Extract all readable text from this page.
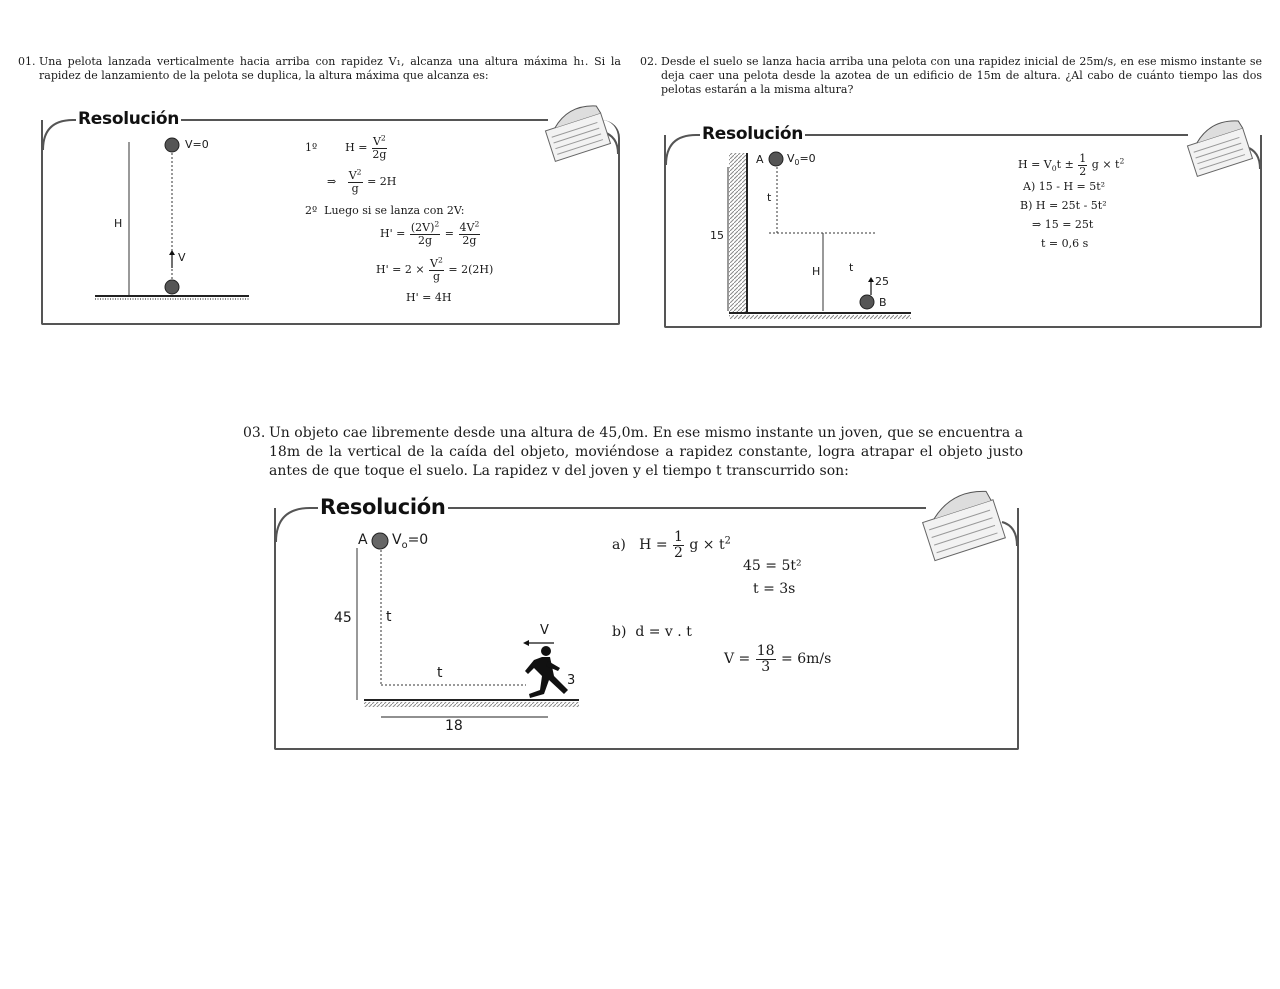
01. Una pelota lanzada verticalmente hacia arriba con rapidez V₁, alcanza una altura máxima h₁. Si la rapidez de lanzamiento de la pelota se duplica, la altura máxima que alcanza es:
V=0
H
V
1º	$H = \frac{V^2}{2g}$
⇒ $\frac{V^2}{g} = 2H$
2º Luego si se lanza con 2V:
$H' = \frac{(2V)^2}{2g} = \frac{4V^2}{2g}$
$H' = 2 \times \frac{V^2}{g} = 2(2H)$
H' = 4H
Resolución
02. Desde el suelo se lanza hacia arriba una pelota con una rapidez inicial de 25m/s, en ese mismo instante se deja caer una pelota desde la azotea de un edificio de 15m de altura. ¿Al cabo de cuánto tiempo las dos pelotas estarán a la misma altura?
A $V_0=0$
t
15
H	t
25
B
$H = V_0t \pm \frac{1}{2}$ $g \times t^2$
A) 15 - H = 5t²
B) H = 25t - 5t²
⇒ 15 = 25t
t = 0,6 s
Resolución
03. Un objeto cae libremente desde una altura de 45,0m. En ese mismo instante un joven, que se encuentra a 18m de la vertical de la caída del objeto, moviéndose a rapidez constante, logra atrapar el objeto justo antes de que toque el suelo. La rapidez v del joven y el tiempo t transcurrido son:
A $V_o=0$
45 t
t
V
3
18
a) $H = \frac{1}{2}$ $g \times t^2$
45 = 5t²
t = 3s
b) d = v . t
$V = \frac{18}{3} = 6m/s$
Resolución
